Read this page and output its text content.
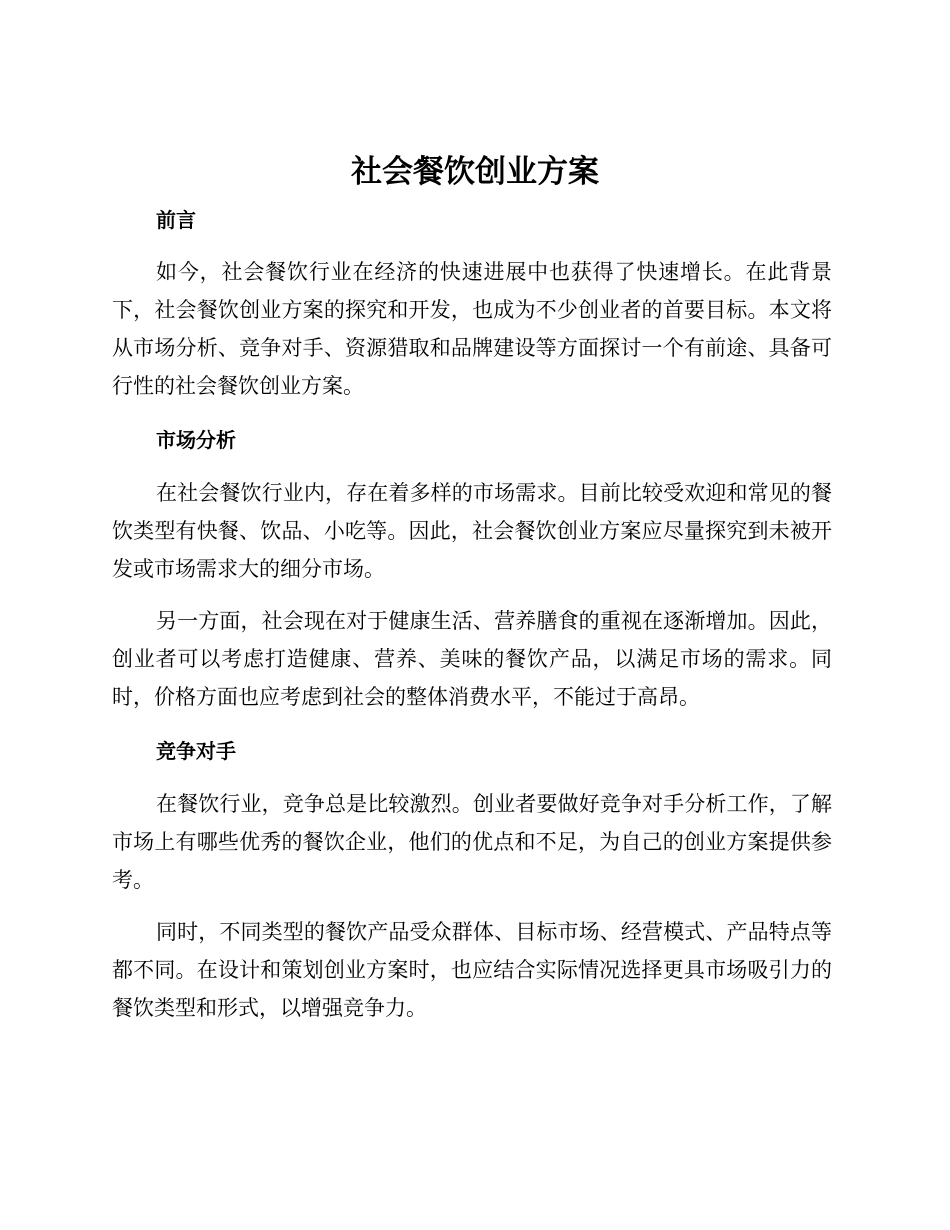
社会餐饮创业方案

前言

如今，社会餐饮行业在经济的快速进展中也获得了快速增长。在此背景下，社会餐饮创业方案的探究和开发，也成为不少创业者的首要目标。本文将从市场分析、竞争对手、资源猎取和品牌建设等方面探讨一个有前途、具备可行性的社会餐饮创业方案。

市场分析

在社会餐饮行业内，存在着多样的市场需求。目前比较受欢迎和常见的餐饮类型有快餐、饮品、小吃等。因此，社会餐饮创业方案应尽量探究到未被开发或市场需求大的细分市场。

另一方面，社会现在对于健康生活、营养膳食的重视在逐渐增加。因此，创业者可以考虑打造健康、营养、美味的餐饮产品，以满足市场的需求。同时，价格方面也应考虑到社会的整体消费水平，不能过于高昂。

竞争对手

在餐饮行业，竞争总是比较激烈。创业者要做好竞争对手分析工作，了解市场上有哪些优秀的餐饮企业，他们的优点和不足，为自己的创业方案提供参考。

同时，不同类型的餐饮产品受众群体、目标市场、经营模式、产品特点等都不同。在设计和策划创业方案时，也应结合实际情况选择更具市场吸引力的餐饮类型和形式，以增强竞争力。
